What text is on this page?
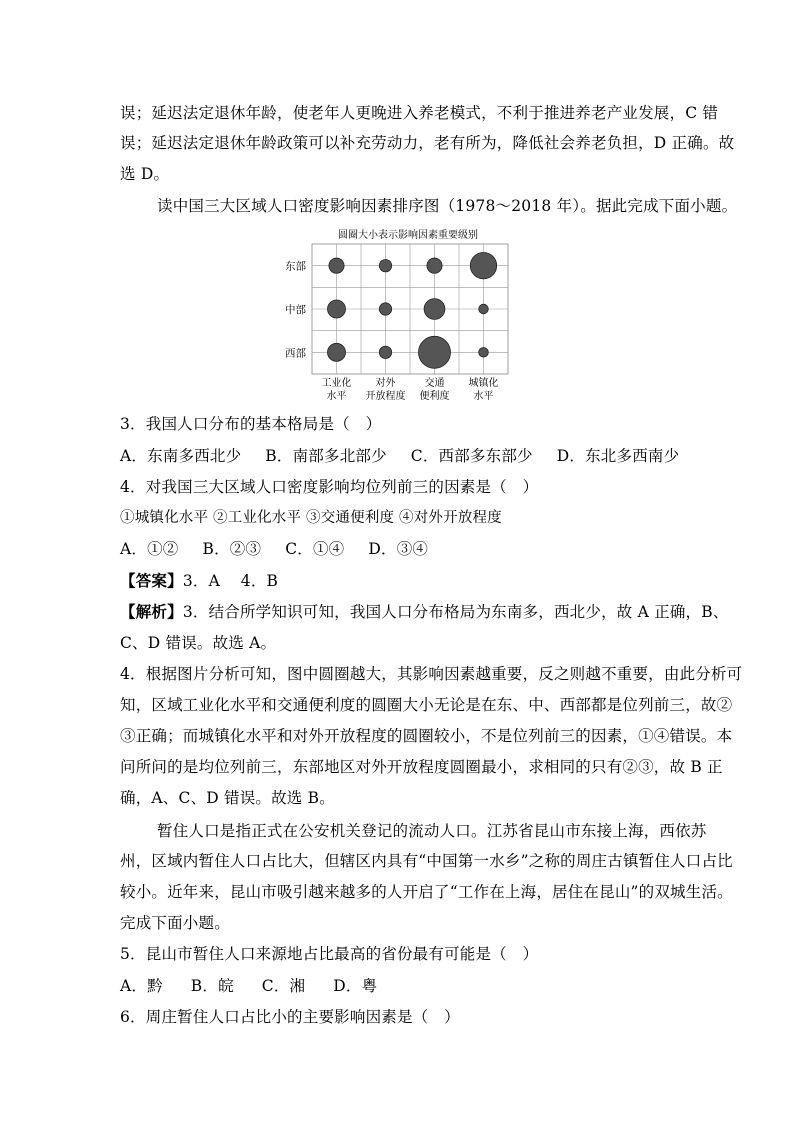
误；延迟法定退休年龄，使老年人更晚进入养老模式，不利于推进养老产业发展，C 错
误；延迟法定退休年龄政策可以补充劳动力，老有所为，降低社会养老负担，D 正确。故
选 D。
读中国三大区域人口密度影响因素排序图（1978～2018 年）。据此完成下面小题。
圆圈大小表示影响因素重要级别
东部
中部
西部
工业化
水平
对外
开放程度
交通
便利度
城镇化
水平
3．我国人口分布的基本格局是（　）
A．东南多西北少 B．南部多北部少 C．西部多东部少 D．东北多西南少
4．对我国三大区域人口密度影响均位列前三的因素是（　）
①城镇化水平 ②工业化水平 ③交通便利度 ④对外开放程度
A．①② B．②③ C．①④ D．③④
【答案】3．A　 4．B
【解析】3．结合所学知识可知，我国人口分布格局为东南多，西北少，故 A 正确，B、
C、D 错误。故选 A。
4．根据图片分析可知，图中圆圈越大，其影响因素越重要，反之则越不重要，由此分析可
知，区域工业化水平和交通便利度的圆圈大小无论是在东、中、西部都是位列前三，故②
③正确；而城镇化水平和对外开放程度的圆圈较小，不是位列前三的因素，①④错误。本
问所问的是均位列前三，东部地区对外开放程度圆圈最小，求相同的只有②③，故 B 正
确，A、C、D 错误。故选 B。
暂住人口是指正式在公安机关登记的流动人口。江苏省昆山市东接上海，西依苏
州，区域内暂住人口占比大，但辖区内具有“中国第一水乡”之称的周庄古镇暂住人口占比
较小。近年来，昆山市吸引越来越多的人开启了“工作在上海，居住在昆山”的双城生活。
完成下面小题。
5．昆山市暂住人口来源地占比最高的省份最有可能是（　）
A．黔 B．皖 C．湘 D．粤
6．周庄暂住人口占比小的主要影响因素是（　）
